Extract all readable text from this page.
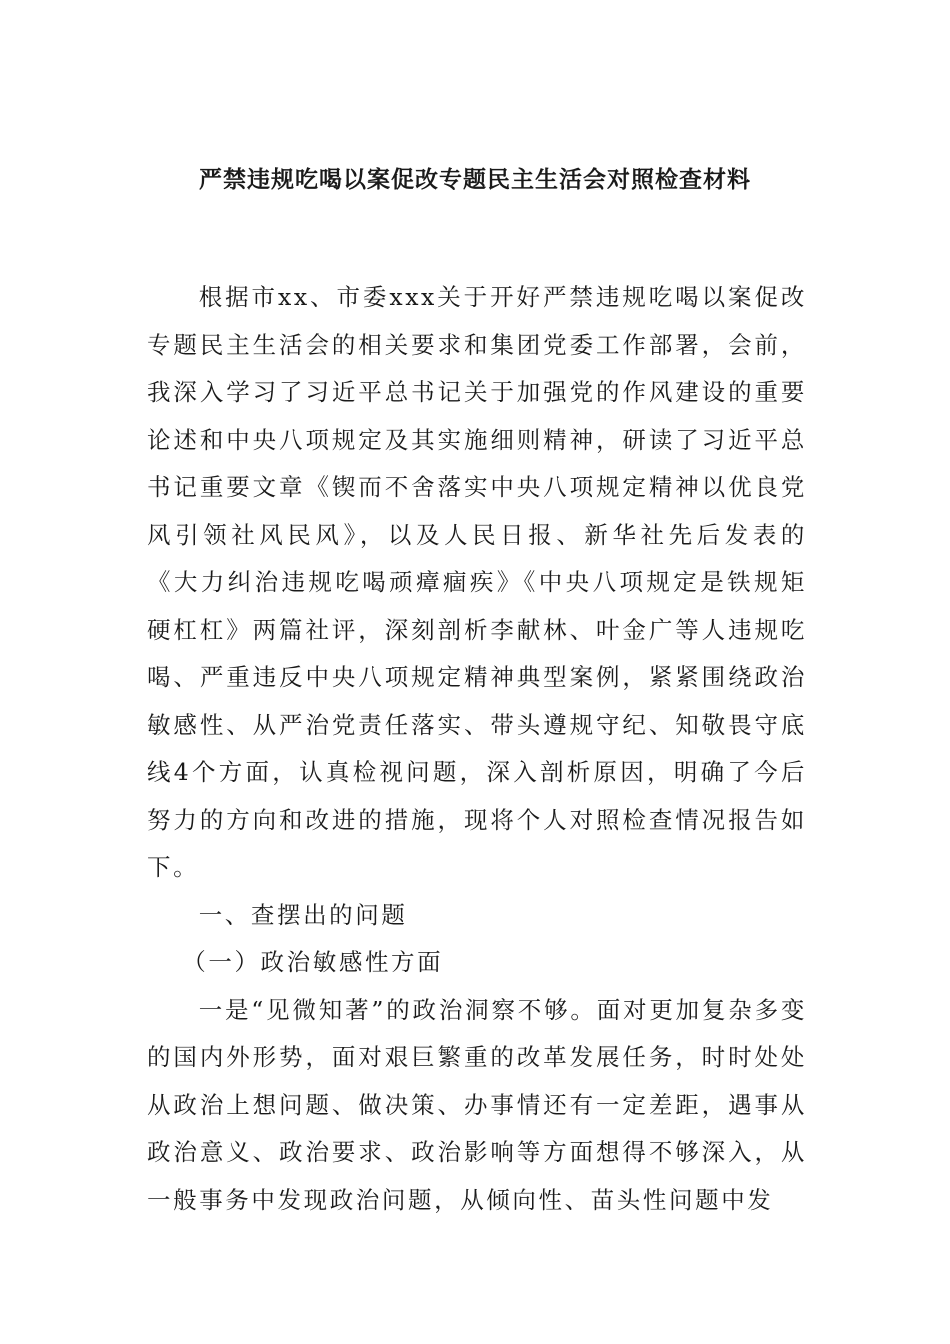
严禁违规吃喝以案促改专题民主生活会对照检查材料

根据市xx、市委xxx关于开好严禁违规吃喝以案促改专题民主生活会的相关要求和集团党委工作部署，会前，我深入学习了习近平总书记关于加强党的作风建设的重要论述和中央八项规定及其实施细则精神，研读了习近平总书记重要文章《锲而不舍落实中央八项规定精神以优良党风引领社风民风》，以及人民日报、新华社先后发表的《大力纠治违规吃喝顽瘴痼疾》《中央八项规定是铁规矩硬杠杠》两篇社评，深刻剖析李献林、叶金广等人违规吃喝、严重违反中央八项规定精神典型案例，紧紧围绕政治敏感性、从严治党责任落实、带头遵规守纪、知敬畏守底线4个方面，认真检视问题，深入剖析原因，明确了今后努力的方向和改进的措施，现将个人对照检查情况报告如下。

一、查摆出的问题

（一）政治敏感性方面

一是“见微知著”的政治洞察不够。面对更加复杂多变的国内外形势，面对艰巨繁重的改革发展任务，时时处处从政治上想问题、做决策、办事情还有一定差距，遇事从政治意义、政治要求、政治影响等方面想得不够深入，从一般事务中发现政治问题，从倾向性、苗头性问题中发
